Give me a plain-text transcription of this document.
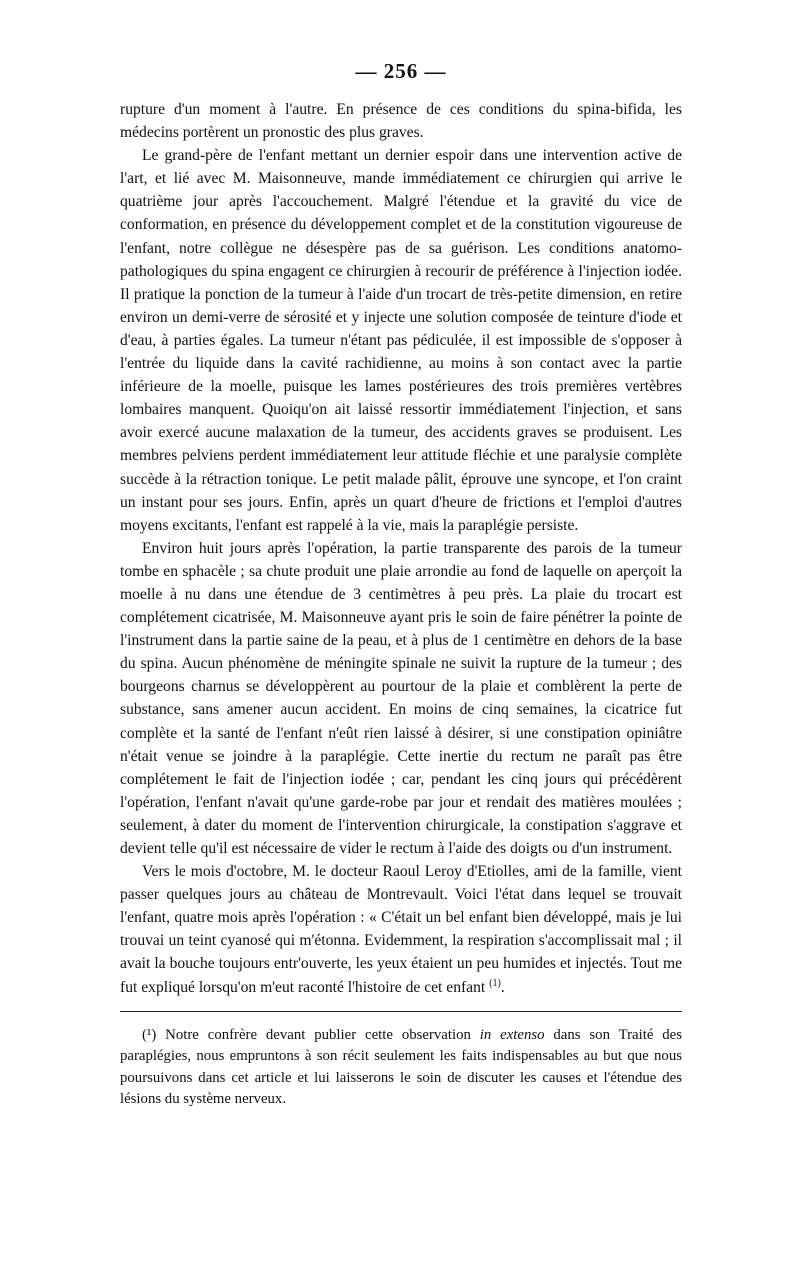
— 256 —

rupture d'un moment à l'autre. En présence de ces conditions du spina-bifida, les médecins portèrent un pronostic des plus graves.

Le grand-père de l'enfant mettant un dernier espoir dans une intervention active de l'art, et lié avec M. Maisonneuve, mande immédiatement ce chirurgien qui arrive le quatrième jour après l'accouchement. Malgré l'étendue et la gravité du vice de conformation, en présence du développement complet et de la constitution vigoureuse de l'enfant, notre collègue ne désespère pas de sa guérison. Les conditions anatomo-pathologiques du spina engagent ce chirurgien à recourir de préférence à l'injection iodée. Il pratique la ponction de la tumeur à l'aide d'un trocart de très-petite dimension, en retire environ un demi-verre de sérosité et y injecte une solution composée de teinture d'iode et d'eau, à parties égales. La tumeur n'étant pas pédiculée, il est impossible de s'opposer à l'entrée du liquide dans la cavité rachidienne, au moins à son contact avec la partie inférieure de la moelle, puisque les lames postérieures des trois premières vertèbres lombaires manquent. Quoiqu'on ait laissé ressortir immédiatement l'injection, et sans avoir exercé aucune malaxation de la tumeur, des accidents graves se produisent. Les membres pelviens perdent immédiatement leur attitude fléchie et une paralysie complète succède à la rétraction tonique. Le petit malade pâlit, éprouve une syncope, et l'on craint un instant pour ses jours. Enfin, après un quart d'heure de frictions et l'emploi d'autres moyens excitants, l'enfant est rappelé à la vie, mais la paraplégie persiste.

Environ huit jours après l'opération, la partie transparente des parois de la tumeur tombe en sphacèle ; sa chute produit une plaie arrondie au fond de laquelle on aperçoit la moelle à nu dans une étendue de 3 centimètres à peu près. La plaie du trocart est complétement cicatrisée, M. Maisonneuve ayant pris le soin de faire pénétrer la pointe de l'instrument dans la partie saine de la peau, et à plus de 1 centimètre en dehors de la base du spina. Aucun phénomène de méningite spinale ne suivit la rupture de la tumeur ; des bourgeons charnus se développèrent au pourtour de la plaie et comblèrent la perte de substance, sans amener aucun accident. En moins de cinq semaines, la cicatrice fut complète et la santé de l'enfant n'eût rien laissé à désirer, si une constipation opiniâtre n'était venue se joindre à la paraplégie. Cette inertie du rectum ne paraît pas être complétement le fait de l'injection iodée ; car, pendant les cinq jours qui précédèrent l'opération, l'enfant n'avait qu'une garde-robe par jour et rendait des matières moulées ; seulement, à dater du moment de l'intervention chirurgicale, la constipation s'aggrave et devient telle qu'il est nécessaire de vider le rectum à l'aide des doigts ou d'un instrument.

Vers le mois d'octobre, M. le docteur Raoul Leroy d'Etiolles, ami de la famille, vient passer quelques jours au château de Montrevault. Voici l'état dans lequel se trouvait l'enfant, quatre mois après l'opération : « C'était un bel enfant bien développé, mais je lui trouvai un teint cyanosé qui m'étonna. Evidemment, la respiration s'accomplissait mal ; il avait la bouche toujours entr'ouverte, les yeux étaient un peu humides et injectés. Tout me fut expliqué lorsqu'on m'eut raconté l'histoire de cet enfant $^{(1)}$.

(¹) Notre confrère devant publier cette observation in extenso dans son Traité des paraplégies, nous empruntons à son récit seulement les faits indispensables au but que nous poursuivons dans cet article et lui laisserons le soin de discuter les causes et l'étendue des lésions du système nerveux.
